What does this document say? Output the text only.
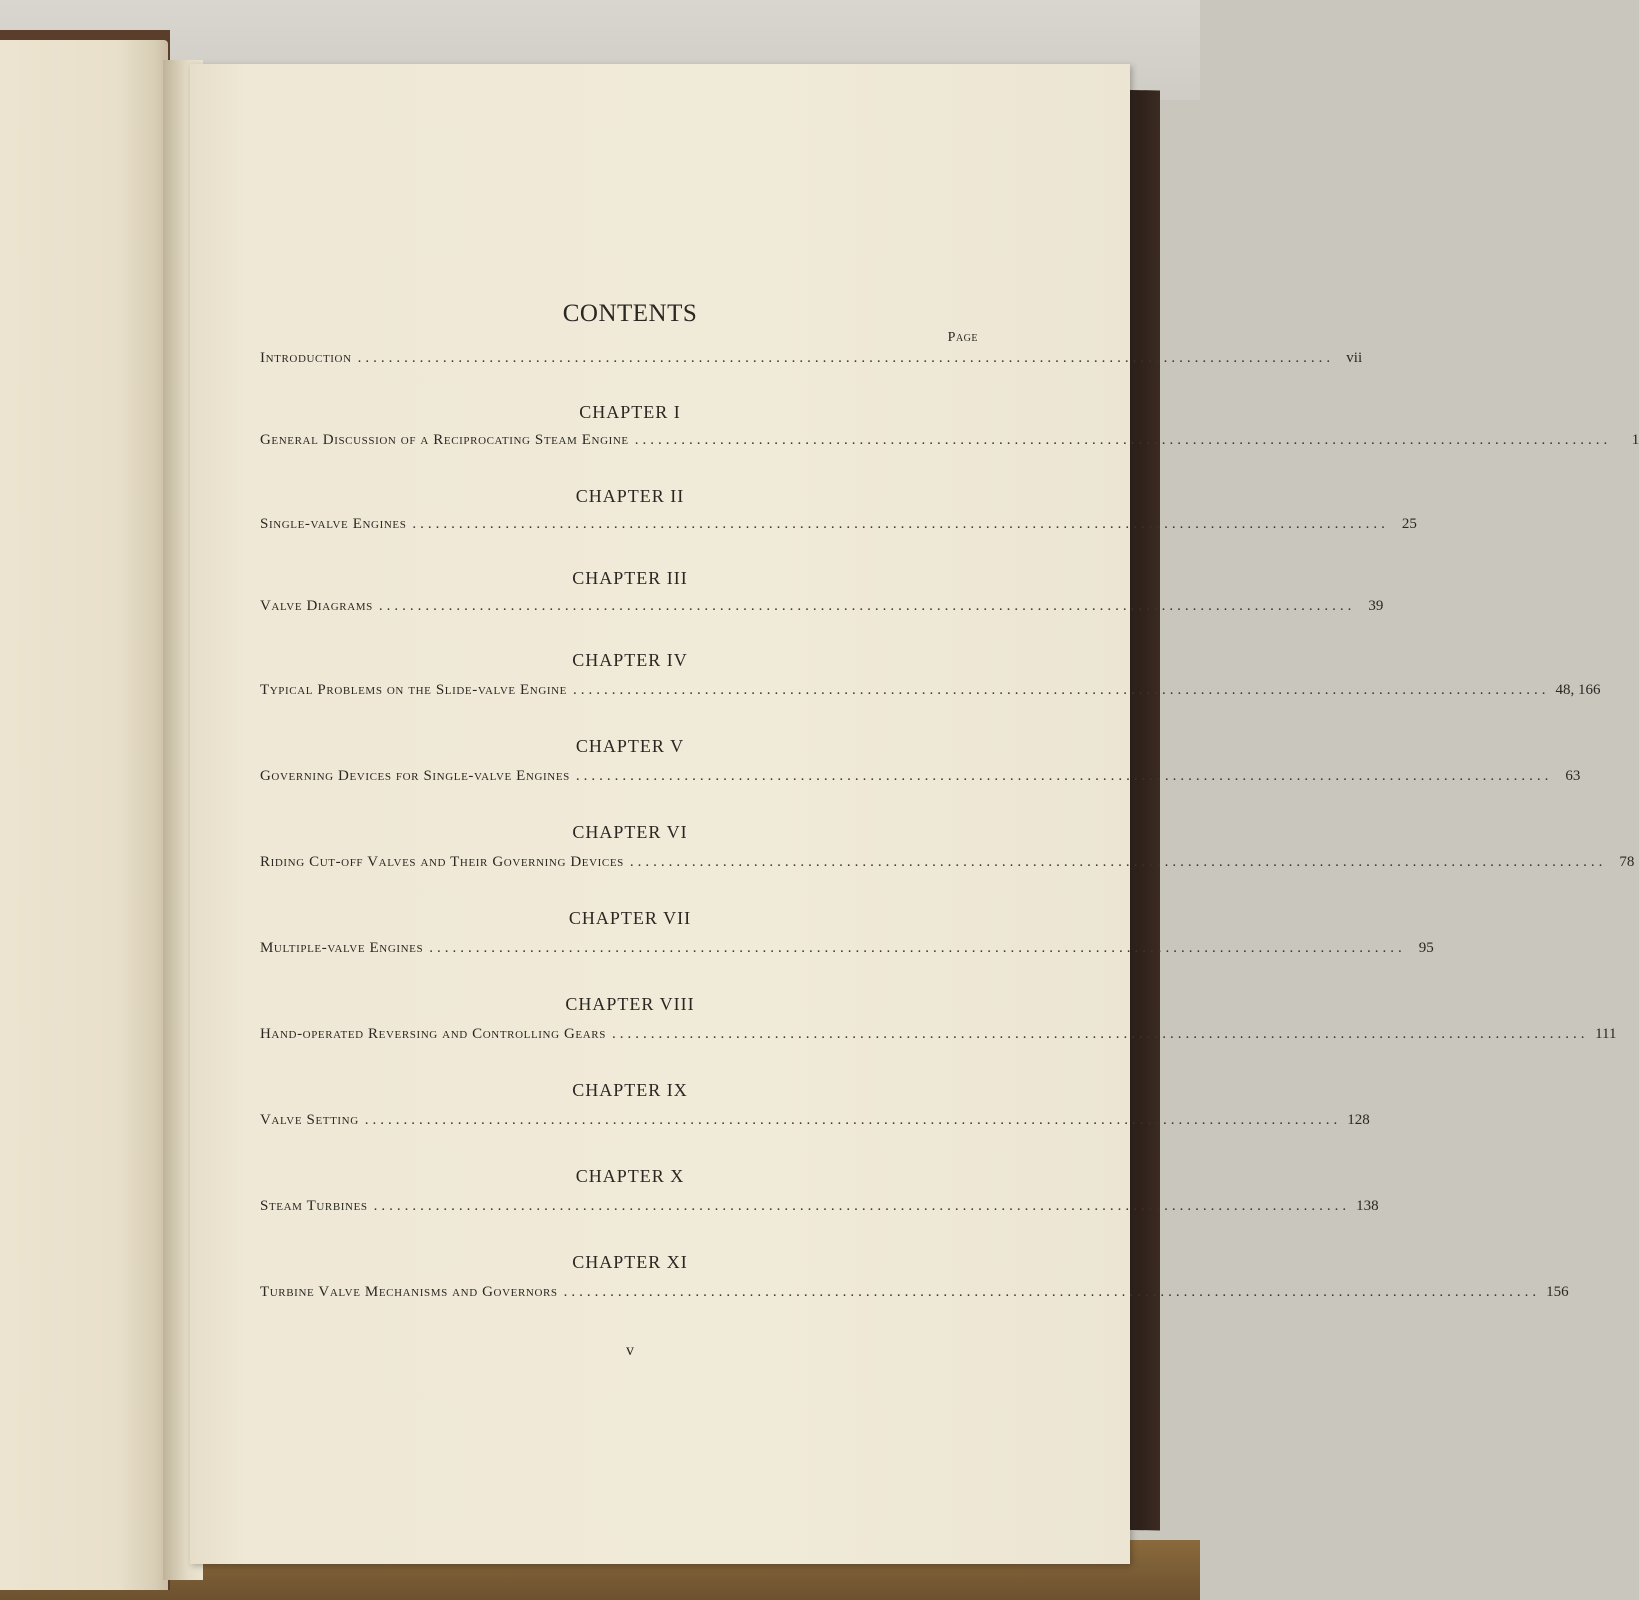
CONTENTS
Page
Introduction .............................................................................................................................. vii
CHAPTER I
General Discussion of a Reciprocating Steam Engine ..............................................................................................................................	1
CHAPTER II
Single-valve Engines .............................................................................................................................. 25
CHAPTER III
Valve Diagrams .............................................................................................................................. 39
CHAPTER IV
Typical Problems on the Slide-valve Engine .............................................................................................................................. 48, 166
CHAPTER V
Governing Devices for Single-valve Engines .............................................................................................................................. 63
CHAPTER VI
Riding Cut-off Valves and Their Governing Devices .............................................................................................................................. 78
CHAPTER VII
Multiple-valve Engines .............................................................................................................................. 95
CHAPTER VIII
Hand-operated Reversing and Controlling Gears .............................................................................................................................. 111
CHAPTER IX
Valve Setting .............................................................................................................................. 128
CHAPTER X
Steam Turbines .............................................................................................................................. 138
CHAPTER XI
Turbine Valve Mechanisms and Governors .............................................................................................................................. 156
v
